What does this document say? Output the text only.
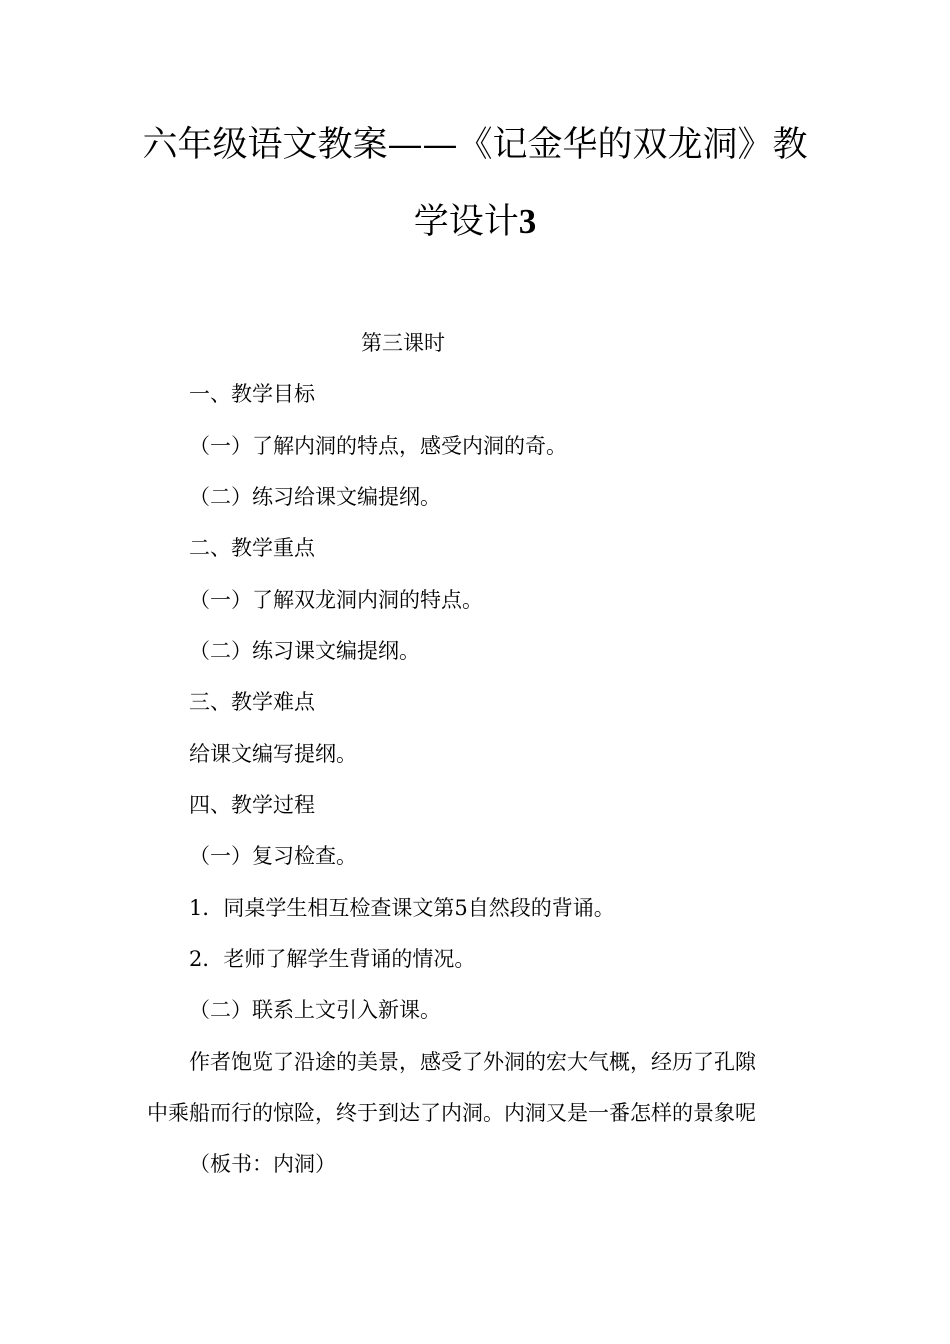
六年级语文教案——《记金华的双龙洞》教
学设计3

第三课时

一、教学目标

（一）了解内洞的特点，感受内洞的奇。

（二）练习给课文编提纲。

二、教学重点

（一）了解双龙洞内洞的特点。

（二）练习课文编提纲。

三、教学难点

给课文编写提纲。

四、教学过程

（一）复习检查。

1．同桌学生相互检查课文第5自然段的背诵。

2．老师了解学生背诵的情况。

（二）联系上文引入新课。

作者饱览了沿途的美景，感受了外洞的宏大气概，经历了孔隙

中乘船而行的惊险，终于到达了内洞。内洞又是一番怎样的景象呢

（板书：内洞）
